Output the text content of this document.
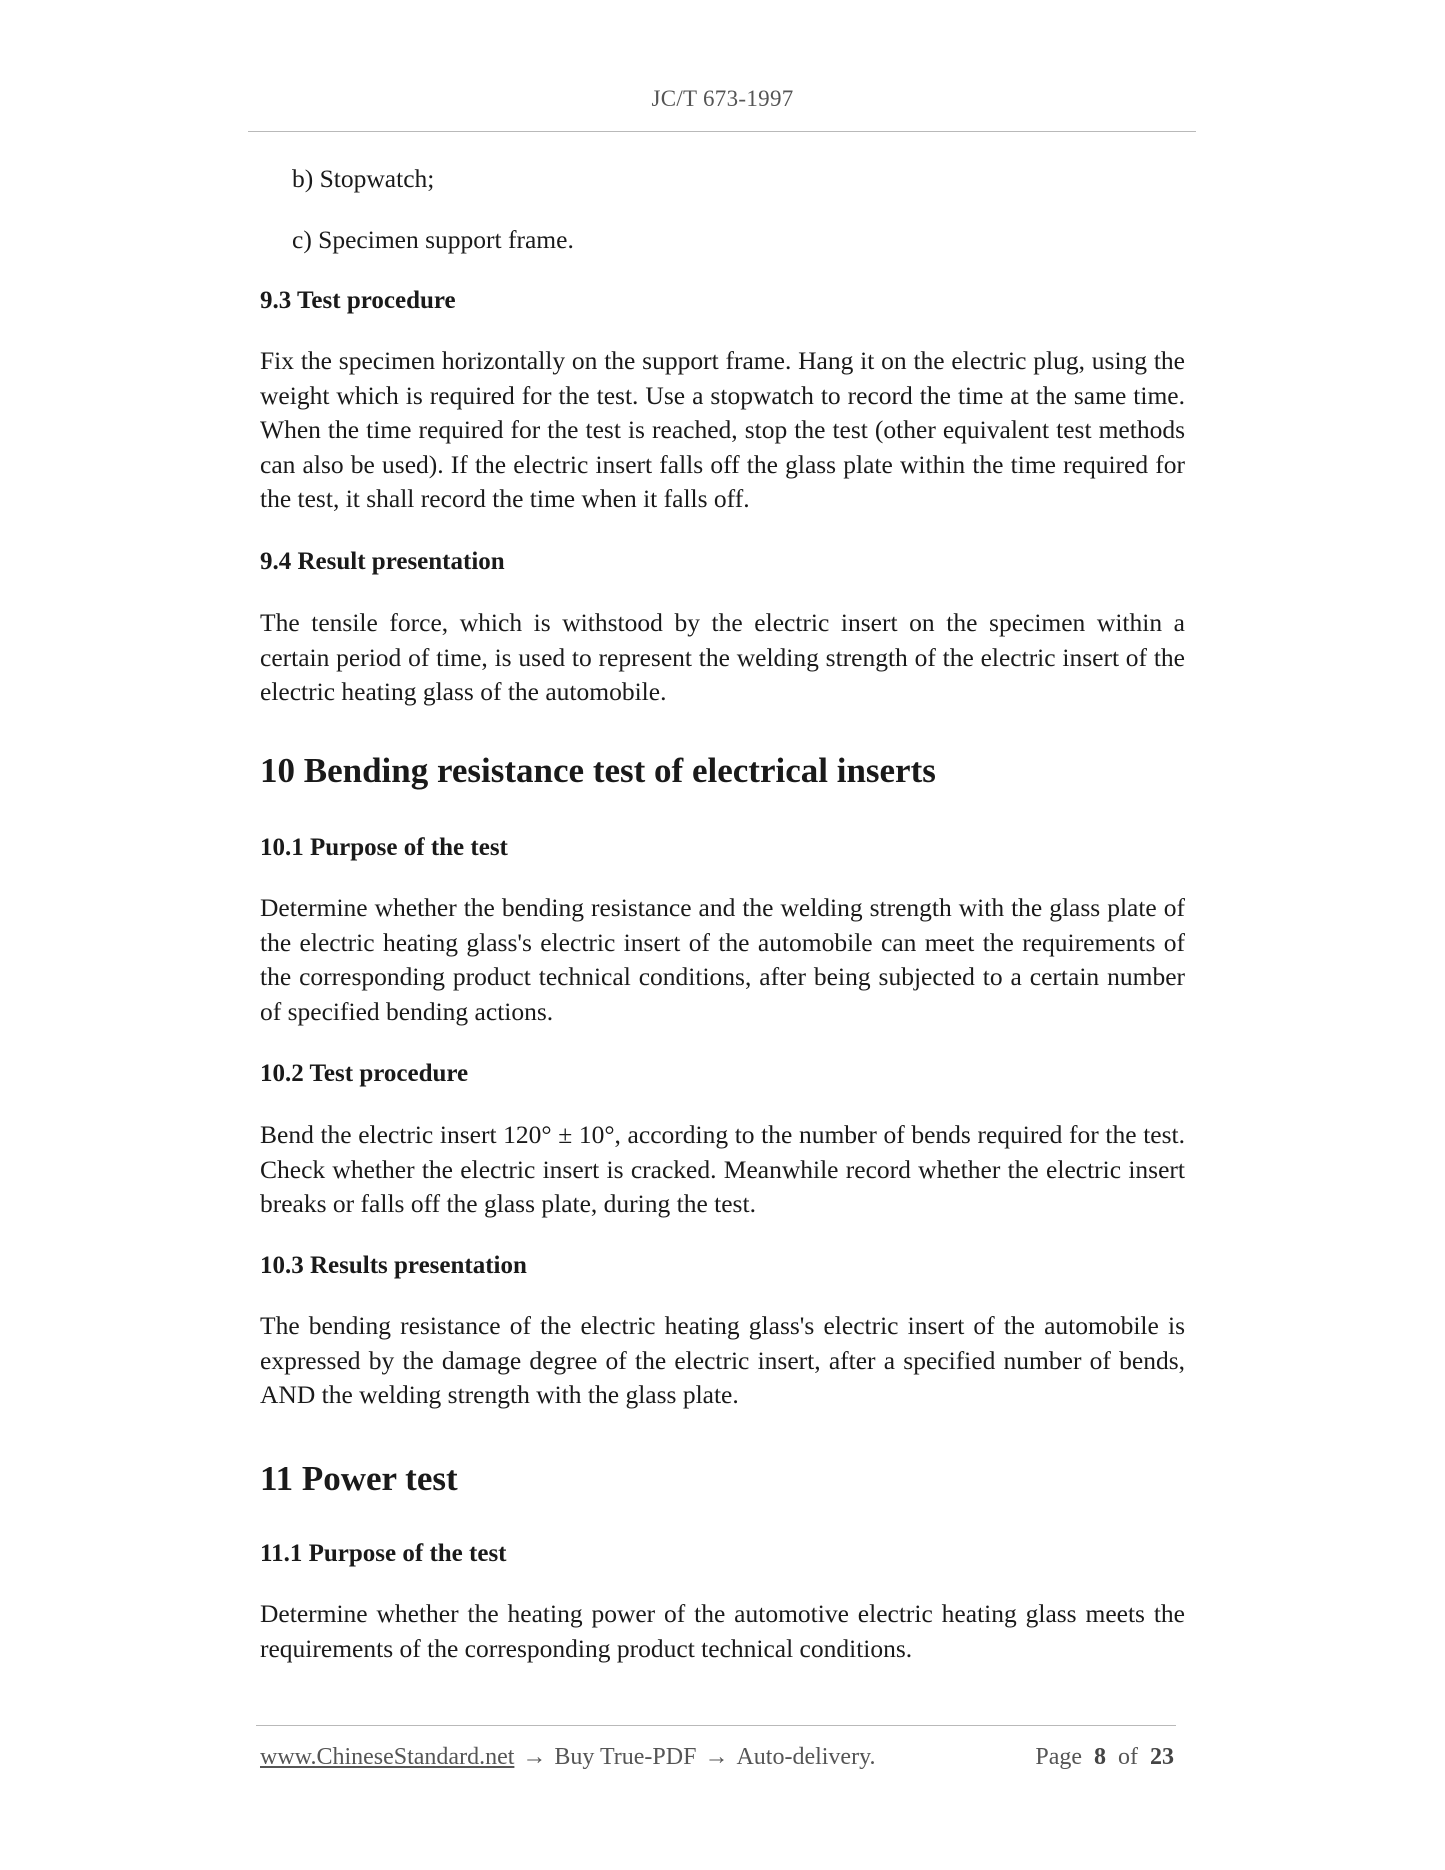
JC/T 673-1997

b) Stopwatch;

c) Specimen support frame.

9.3 Test procedure

Fix the specimen horizontally on the support frame. Hang it on the electric plug, using the weight which is required for the test. Use a stopwatch to record the time at the same time. When the time required for the test is reached, stop the test (other equivalent test methods can also be used). If the electric insert falls off the glass plate within the time required for the test, it shall record the time when it falls off.

9.4 Result presentation

The tensile force, which is withstood by the electric insert on the specimen within a certain period of time, is used to represent the welding strength of the electric insert of the electric heating glass of the automobile.

10 Bending resistance test of electrical inserts

10.1 Purpose of the test

Determine whether the bending resistance and the welding strength with the glass plate of the electric heating glass's electric insert of the automobile can meet the requirements of the corresponding product technical conditions, after being subjected to a certain number of specified bending actions.

10.2 Test procedure

Bend the electric insert 120° ± 10°, according to the number of bends required for the test. Check whether the electric insert is cracked. Meanwhile record whether the electric insert breaks or falls off the glass plate, during the test.

10.3 Results presentation

The bending resistance of the electric heating glass's electric insert of the automobile is expressed by the damage degree of the electric insert, after a specified number of bends, AND the welding strength with the glass plate.

11 Power test

11.1 Purpose of the test

Determine whether the heating power of the automotive electric heating glass meets the requirements of the corresponding product technical conditions.

www.ChineseStandard.net → Buy True-PDF → Auto-delivery.	Page 8 of 23
